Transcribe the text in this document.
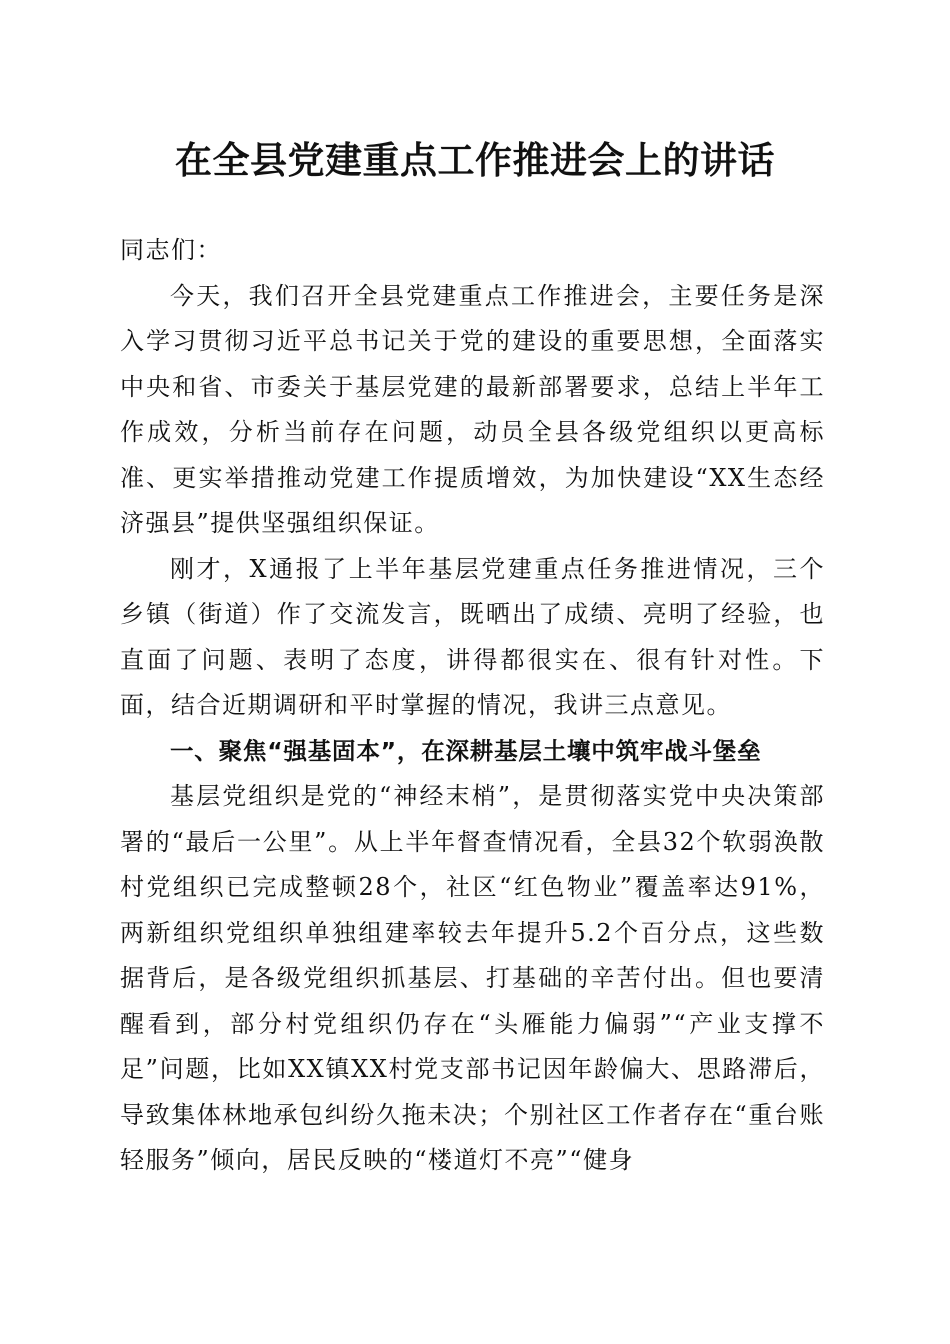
在全县党建重点工作推进会上的讲话

同志们：

今天，我们召开全县党建重点工作推进会，主要任务是深入学习贯彻习近平总书记关于党的建设的重要思想，全面落实中央和省、市委关于基层党建的最新部署要求，总结上半年工作成效，分析当前存在问题，动员全县各级党组织以更高标准、更实举措推动党建工作提质增效，为加快建设“XX生态经济强县”提供坚强组织保证。

刚才，X通报了上半年基层党建重点任务推进情况，三个乡镇（街道）作了交流发言，既晒出了成绩、亮明了经验，也直面了问题、表明了态度，讲得都很实在、很有针对性。下面，结合近期调研和平时掌握的情况，我讲三点意见。

一、聚焦“强基固本”，在深耕基层土壤中筑牢战斗堡垒

基层党组织是党的“神经末梢”，是贯彻落实党中央决策部署的“最后一公里”。从上半年督查情况看，全县32个软弱涣散村党组织已完成整顿28个，社区“红色物业”覆盖率达91%，两新组织党组织单独组建率较去年提升5.2个百分点，这些数据背后，是各级党组织抓基层、打基础的辛苦付出。但也要清醒看到，部分村党组织仍存在“头雁能力偏弱”“产业支撑不足”问题，比如XX镇XX村党支部书记因年龄偏大、思路滞后，导致集体林地承包纠纷久拖未决；个别社区工作者存在“重台账轻服务”倾向，居民反映的“楼道灯不亮”“健身
